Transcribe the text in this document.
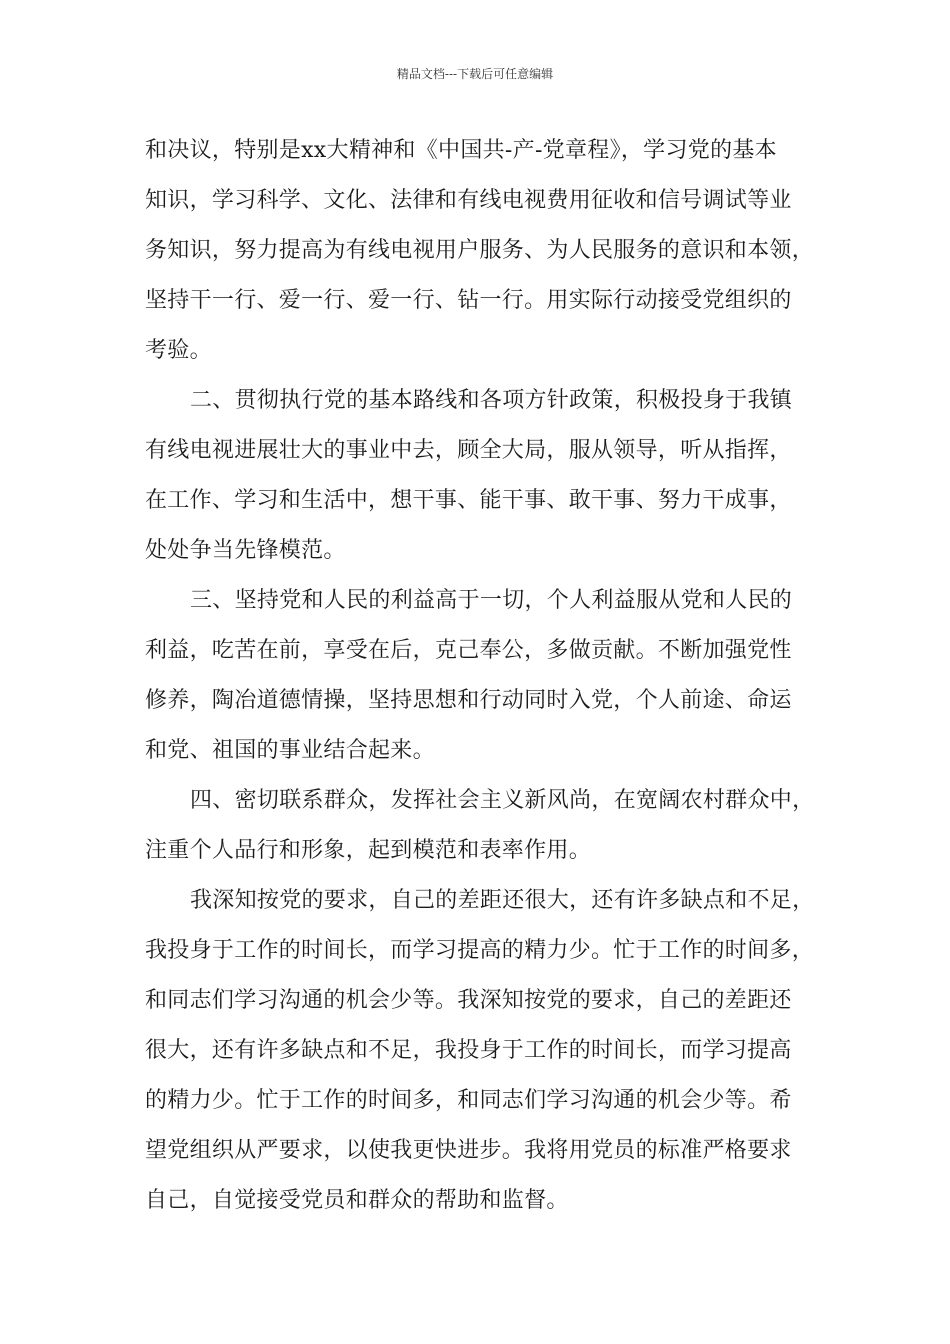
精品文档---下载后可任意编辑
和决议，特别是xx大精神和《中国共-产-党章程》，学习党的基本
知识，学习科学、文化、法律和有线电视费用征收和信号调试等业
务知识，努力提高为有线电视用户服务、为人民服务的意识和本领，
坚持干一行、爱一行、爱一行、钻一行。用实际行动接受党组织的
考验。
二、贯彻执行党的基本路线和各项方针政策，积极投身于我镇
有线电视进展壮大的事业中去，顾全大局，服从领导，听从指挥，
在工作、学习和生活中，想干事、能干事、敢干事、努力干成事，
处处争当先锋模范。
三、坚持党和人民的利益高于一切，个人利益服从党和人民的
利益，吃苦在前，享受在后，克己奉公，多做贡献。不断加强党性
修养，陶冶道德情操，坚持思想和行动同时入党，个人前途、命运
和党、祖国的事业结合起来。
四、密切联系群众，发挥社会主义新风尚，在宽阔农村群众中，
注重个人品行和形象，起到模范和表率作用。
我深知按党的要求，自己的差距还很大，还有许多缺点和不足，
我投身于工作的时间长，而学习提高的精力少。忙于工作的时间多，
和同志们学习沟通的机会少等。我深知按党的要求，自己的差距还
很大，还有许多缺点和不足，我投身于工作的时间长，而学习提高
的精力少。忙于工作的时间多，和同志们学习沟通的机会少等。希
望党组织从严要求，以使我更快进步。我将用党员的标准严格要求
自己，自觉接受党员和群众的帮助和监督。
